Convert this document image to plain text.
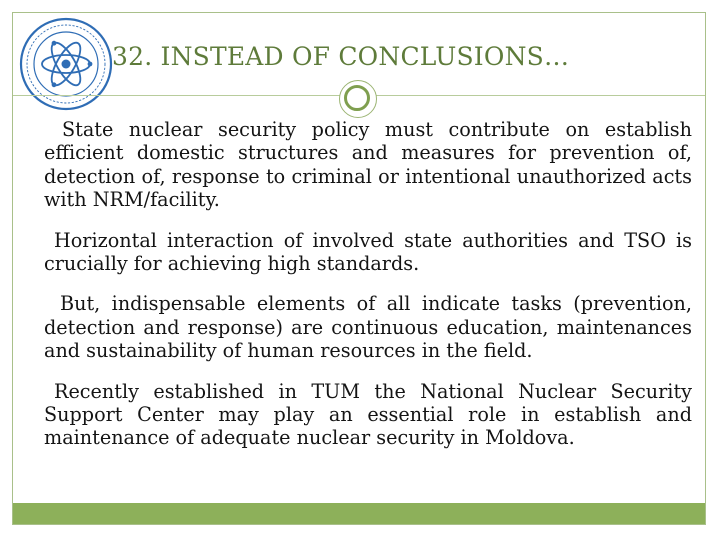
32. INSTEAD OF CONCLUSIONS…

State nuclear security policy must contribute on establish efficient domestic structures and measures for prevention of, detection of, response to criminal or intentional unauthorized acts with NRM/facility.

Horizontal interaction of involved state authorities and TSO is crucially for achieving high standards.

But, indispensable elements of all indicate tasks (prevention, detection and response) are continuous education, maintenances and sustainability of human resources in the field.

Recently established in TUM the National Nuclear Security Support Center may play an essential role in establish and maintenance of adequate nuclear security in Moldova.
